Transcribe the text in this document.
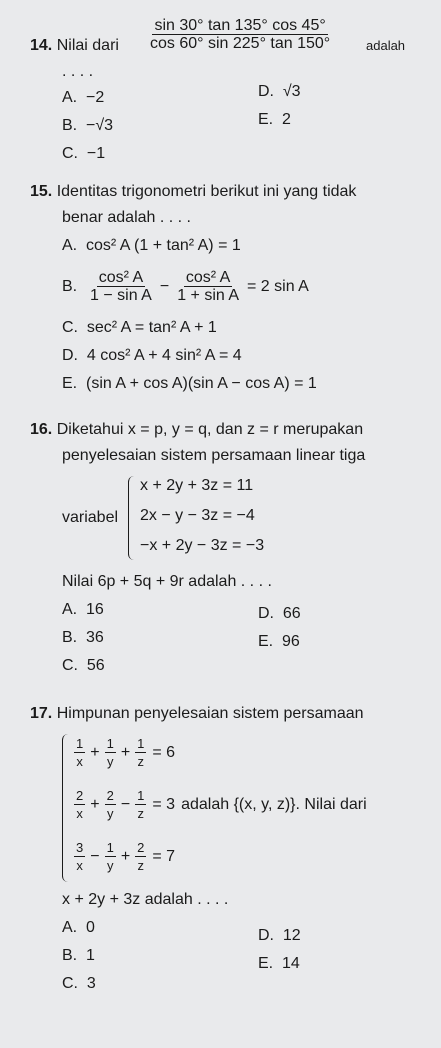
14. Nilai dari $\frac{\sin 30^\circ \tan 135^\circ \cos 45^\circ}{\cos 60^\circ \sin 225^\circ \tan 150^\circ}$	adalah
. . . .
A. −2
B. −√3
C. −1
D. √3
E. 2
15. Identitas trigonometri berikut ini yang tidak
benar adalah . . . .
A. cos² A (1 + tan² A) = 1
B.
$\frac{\text{cos² A}}{\text{1 − sin A}} - \frac{\text{cos² A}}{\text{1 + sin A}} = 2$ sin A
C. sec² A = tan² A + 1
D. 4 cos² A + 4 sin² A = 4
E. (sin A + cos A)(sin A − cos A) = 1
16. Diketahui x = p, y = q, dan z = r merupakan
penyelesaian sistem persamaan linear tiga
variabel
x + 2y + 3z = 11
2x − y − 3z = −4
−x + 2y − 3z = −3
Nilai 6p + 5q + 9r adalah . . . .
A. 16
B. 36
C. 56
D. 66
E. 96
17. Himpunan penyelesaian sistem persamaan
$\frac{1}{x} + \frac{1}{y} + \frac{1}{z} = 6$
$\frac{2}{x} + \frac{2}{y} - \frac{1}{z} = 3$ adalah {(x, y, z)}. Nilai dari
$\frac{3}{x} - \frac{1}{y} + \frac{2}{z} = 7$
x + 2y + 3z adalah . . . .
A. 0
B. 1
C. 3
D. 12
E. 14
